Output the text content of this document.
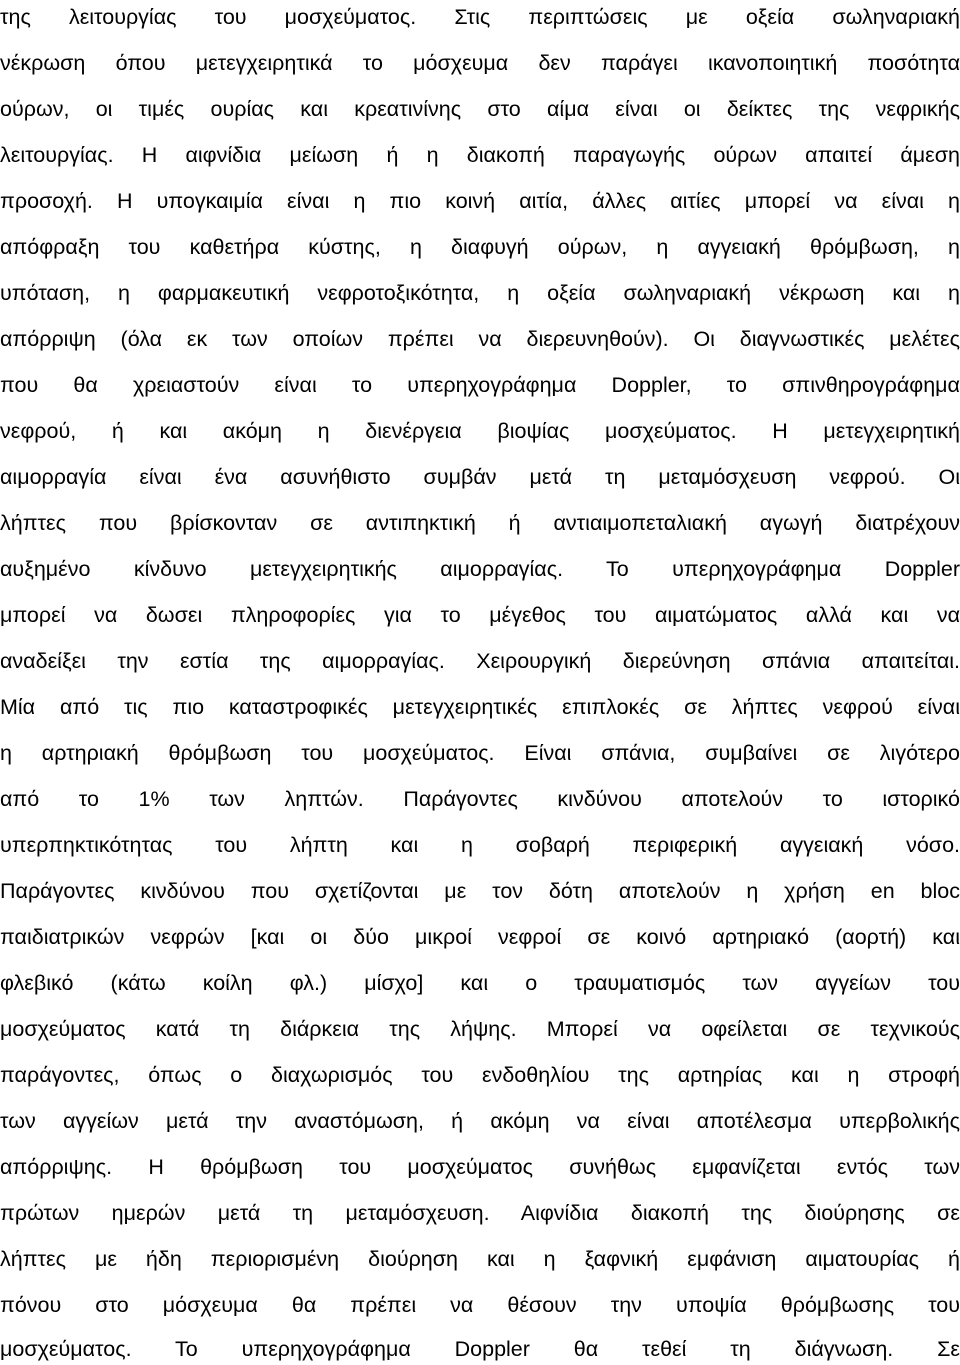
της λειτουργίας του μοσχεύματος. Στις περιπτώσεις με οξεία σωληναριακή
νέκρωση όπου μετεγχειρητικά το μόσχευμα δεν παράγει ικανοποιητική ποσότητα
ούρων, οι τιμές ουρίας και κρεατινίνης στο αίμα είναι οι δείκτες της νεφρικής
λειτουργίας. Η αιφνίδια μείωση ή η διακοπή παραγωγής ούρων απαιτεί άμεση
προσοχή. Η υπογκαιμία είναι η πιο κοινή αιτία, άλλες αιτίες μπορεί να είναι η
απόφραξη του καθετήρα κύστης, η διαφυγή ούρων, η αγγειακή θρόμβωση, η
υπόταση, η φαρμακευτική νεφροτοξικότητα, η οξεία σωληναριακή νέκρωση και η
απόρριψη (όλα εκ των οποίων πρέπει να διερευνηθούν). Οι διαγνωστικές μελέτες
που θα χρειαστούν είναι το υπερηχογράφημα Doppler, το σπινθηρογράφημα
νεφρού, ή και ακόμη η διενέργεια βιοψίας μοσχεύματος. Η μετεγχειρητική
αιμορραγία είναι ένα ασυνήθιστο συμβάν μετά τη μεταμόσχευση νεφρού. Οι
λήπτες που βρίσκονταν σε αντιπηκτική ή αντιαιμοπεταλιακή αγωγή διατρέχουν
αυξημένο κίνδυνο μετεγχειρητικής αιμορραγίας. Το υπερηχογράφημα Doppler
μπορεί να δωσει πληροφορίες για το μέγεθος του αιματώματος αλλά και να
αναδείξει την εστία της αιμορραγίας. Χειρουργική διερεύνηση σπάνια απαιτείται.
Μία από τις πιο καταστροφικές μετεγχειρητικές επιπλοκές σε λήπτες νεφρού είναι
η αρτηριακή θρόμβωση του μοσχεύματος. Είναι σπάνια, συμβαίνει σε λιγότερο
από το 1% των ληπτών. Παράγοντες κινδύνου αποτελούν το ιστορικό
υπερπηκτικότητας του λήπτη και η σοβαρή περιφερική αγγειακή νόσο.
Παράγοντες κινδύνου που σχετίζονται με τον δότη αποτελούν η χρήση en bloc
παιδιατρικών νεφρών [και οι δύο μικροί νεφροί σε κοινό αρτηριακό (αορτή) και
φλεβικό (κάτω κοίλη φλ.) μίσχο] και ο τραυματισμός των αγγείων του
μοσχεύματος κατά τη διάρκεια της λήψης. Μπορεί να οφείλεται σε τεχνικούς
παράγοντες, όπως ο διαχωρισμός του ενδοθηλίου της αρτηρίας και η στροφή
των αγγείων μετά την αναστόμωση, ή ακόμη να είναι αποτέλεσμα υπερβολικής
απόρριψης. Η θρόμβωση του μοσχεύματος συνήθως εμφανίζεται εντός των
πρώτων ημερών μετά τη μεταμόσχευση. Αιφνίδια διακοπή της διούρησης σε
λήπτες με ήδη περιορισμένη διούρηση και η ξαφνική εμφάνιση αιματουρίας ή
πόνου στο μόσχευμα θα πρέπει να θέσουν την υποψία θρόμβωσης του
μοσχεύματος. Το υπερηχογράφημα Doppler θα τεθεί τη διάγνωση. Σε
